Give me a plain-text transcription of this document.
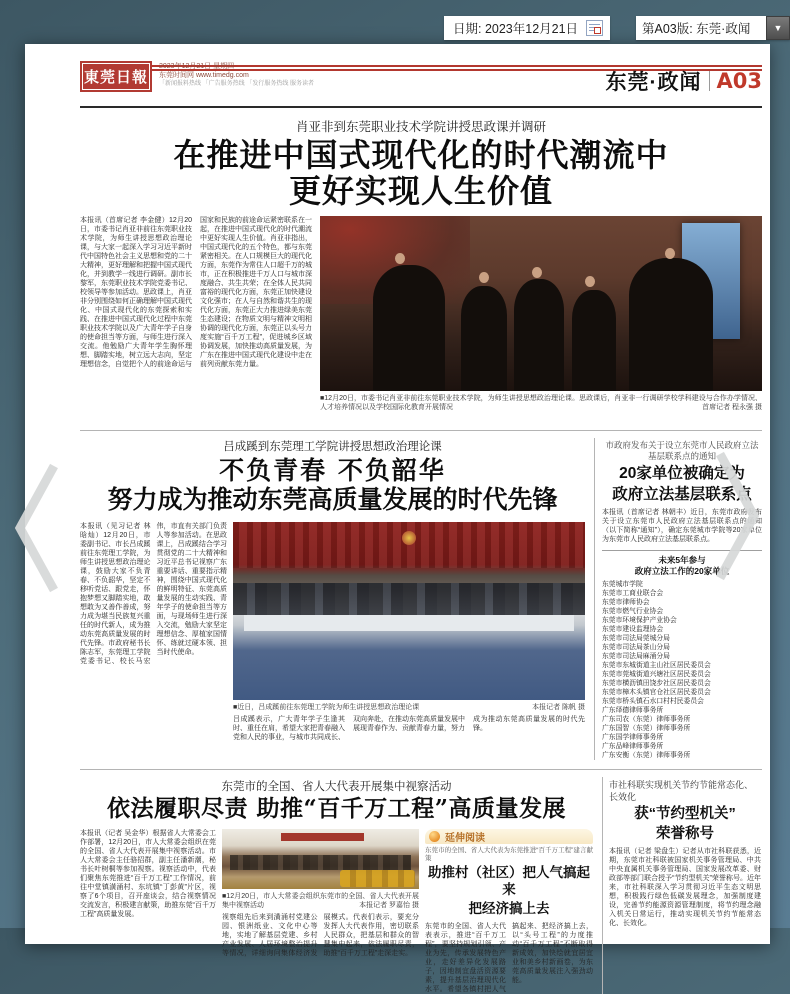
日期: 2023年12月21日	第A03版: 东莞·政闻	▼
東莞日報
2023年12月21日 星期四
东莞时间网 www.timedg.com
「新闻报料热线 「广告服务热线 「发行服务热线 服务读者	东莞·政闻 A03
肖亚非到东莞职业技术学院讲授思政课并调研
在推进中国式现代化的时代潮流中
更好实现人生价值
本报讯（首席记者 李金健）12月20日，市委书记肖亚非前往东莞职业技术学院，为师生讲授思想政治理论课，与大家一起深入学习习近平新时代中国特色社会主义思想和党的二十大精神，更好理解和把握中国式现代化，并到教学一线进行调研。副市长黎军，东莞职业技术学院党委书记、校领导等参加活动。思政课上，肖亚非分别围绕如何正确理解中国式现代化、中国式现代化的东莞探索和实践、在推进中国式现代化过程中东莞职业技术学院以及广大青年学子自身的使命担当等方面，与师生进行深入交流。他勉励广大青年学生胸怀理想、脚踏实地，树立远大志向，坚定理想信念，自觉把个人的前途命运与国家和民族的前途命运紧密联系在一起，在推进中国式现代化的时代潮流中更好实现人生价值。肖亚非指出，中国式现代化的五个特色，都与东莞紧密相关。在人口规模巨大的现代化方面，东莞作为常住人口超千万的城市，正在积极推进千万人口与城市深度融合、共生共荣；在全体人民共同富裕的现代化方面，东莞正加快建设文化强市；在人与自然和谐共生的现代化方面，东莞正大力推进绿美东莞生态建设；在物质文明与精神文明相协调的现代化方面，东莞正以头号力度实施“百千万工程”，促进城乡区域协调发展，加快推动高质量发展，为广东在推进中国式现代化建设中走在前列贡献东莞力量。
■12月20日，市委书记肖亚非前往东莞职业技术学院，为师生讲授思想政治理论课。思政课后，肖亚非一行调研学校学科建设与合作办学情况、人才培养情况以及学校国际化教育开展情况	首席记者 程永强 摄
吕成蹊到东莞理工学院讲授思想政治理论课
不负青春 不负韶华
努力成为推动东莞高质量发展的时代先锋
本报讯（见习记者 林晗灿）12月20日，市委副书记、市长吕成蹊前往东莞理工学院，为师生讲授思想政治理论课，鼓励大家不负青春、不负韶华，坚定不移听党话、跟党走，怀抱梦想又脚踏实地，敢想敢为又善作善成，努力成为堪当民族复兴重任的时代新人，成为推动东莞高质量发展的时代先锋。市政府秘书长陈志军，东莞理工学院党委书记、校长马宏伟，市直有关部门负责人等参加活动。在思政课上，吕成蹊结合学习贯彻党的二十大精神和习近平总书记视察广东重要讲话、重要指示精神，围绕中国式现代化的鲜明特征、东莞高质量发展的生动实践、青年学子的使命担当等方面，与现场师生进行深入交流，勉励大家坚定理想信念、厚植家国情怀、练就过硬本领、担当时代使命。
■近日，吕成蹊前往东莞理工学院为师生讲授思想政治理论课	本报记者 陈帆 摄
吕成蹊表示，广大青年学子生逢其时、重任在肩，希望大家把青春融入党和人民的事业，与城市共同成长、双向奔赴，在推动东莞高质量发展中展现青春作为、贡献青春力量，努力成为推动东莞高质量发展的时代先锋。
市政府发布关于设立东莞市人民政府立法基层联系点的通知
20家单位被确定为
政府立法基层联系点
本报讯（首席记者 林朝丰）近日，东莞市政府发布关于设立东莞市人民政府立法基层联系点的通知（以下简称“通知”），确定东莞城市学院等20家单位为东莞市人民政府立法基层联系点。
未来5年参与
政府立法工作的20家单位
东莞城市学院
东莞市工商业联合会
东莞市律师协会
东莞市燃气行业协会
东莞市环境保护产业协会
东莞市建设监理协会
东莞市司法局莞城分局
东莞市司法局茶山分局
东莞市司法局麻涌分局
东莞市东城街道主山社区居民委员会
东莞市莞城街道兴塘社区居民委员会
东莞市横沥镇田饶步社区居民委员会
东莞市樟木头镇官仓社区居民委员会
东莞市桥头镇石水口村村民委员会
广东绎德律师事务所
广东司农（东莞）律师事务所
广东国智（东莞）律师事务所
广东国学律师事务所
广东品峰律师事务所
广东安衡（东莞）律师事务所
东莞市的全国、省人大代表开展集中视察活动
依法履职尽责 助推“百千万工程”高质量发展
本报讯（记者 吴金华）根据省人大常委会工作部署，12月20日，市人大常委会组织在莞的全国、省人大代表开展集中视察活动。市人大常委会主任骆招群，副主任潘新潮，秘书长叶树桐等参加视察。视察活动中，代表们聚焦东莞推进“百千万工程”工作情况，前往中堂镇潢涌村、东坑镇“丁彭黄”片区，视察了6个项目，召开座谈会，结合视察情况交流发言，积极建言献策，助推东莞“百千万工程”高质量发展。
■12月20日，市人大常委会组织东莞市的全国、省人大代表开展集中视察活动	本报记者 罗嘉怡 摄
视察组先后来到潢涌村党建公园、银洲纸业、文化中心等地，实地了解基层党建、乡村产业发展、人居环境整治提升等情况，详细询问集体经济发展模式。代表们表示，要充分发挥人大代表作用，密切联系人民群众，把基层和群众的智慧集中起来，依法履职尽责，助推“百千万工程”走深走实。
延伸阅读
东莞市的全国、省人大代表为东莞推进“百千万工程”建言献策
助推村（社区）把人气搞起来
把经济搞上去
东莞市的全国、省人大代表表示，推进“百千万工程”，要坚持规划引领、产业为先，传承发展特色产业，走好差异化发展路子，因地制宜盘活资源要素，提升基层治理现代化水平。希望各镇村把人气搞起来、把经济搞上去，以“头号工程”的力度推动“百千万工程”不断取得新成效，加快绘就宜居宜业和美乡村新画卷，为东莞高质量发展注入强劲动能。
市社科联实现机关节约节能常态化、长效化
获“节约型机关”
荣誉称号
本报讯（记者 梁盘生）记者从市社科联获悉，近期，东莞市社科联被国家机关事务管理局、中共中央直属机关事务管理局、国家发展改革委、财政部等部门联合授予“节约型机关”荣誉称号。近年来，市社科联深入学习贯彻习近平生态文明思想，积极践行绿色低碳发展理念，加强制度建设，完善节约能源资源管理制度，将节约理念融入机关日常运行，推动实现机关节约节能常态化、长效化。
